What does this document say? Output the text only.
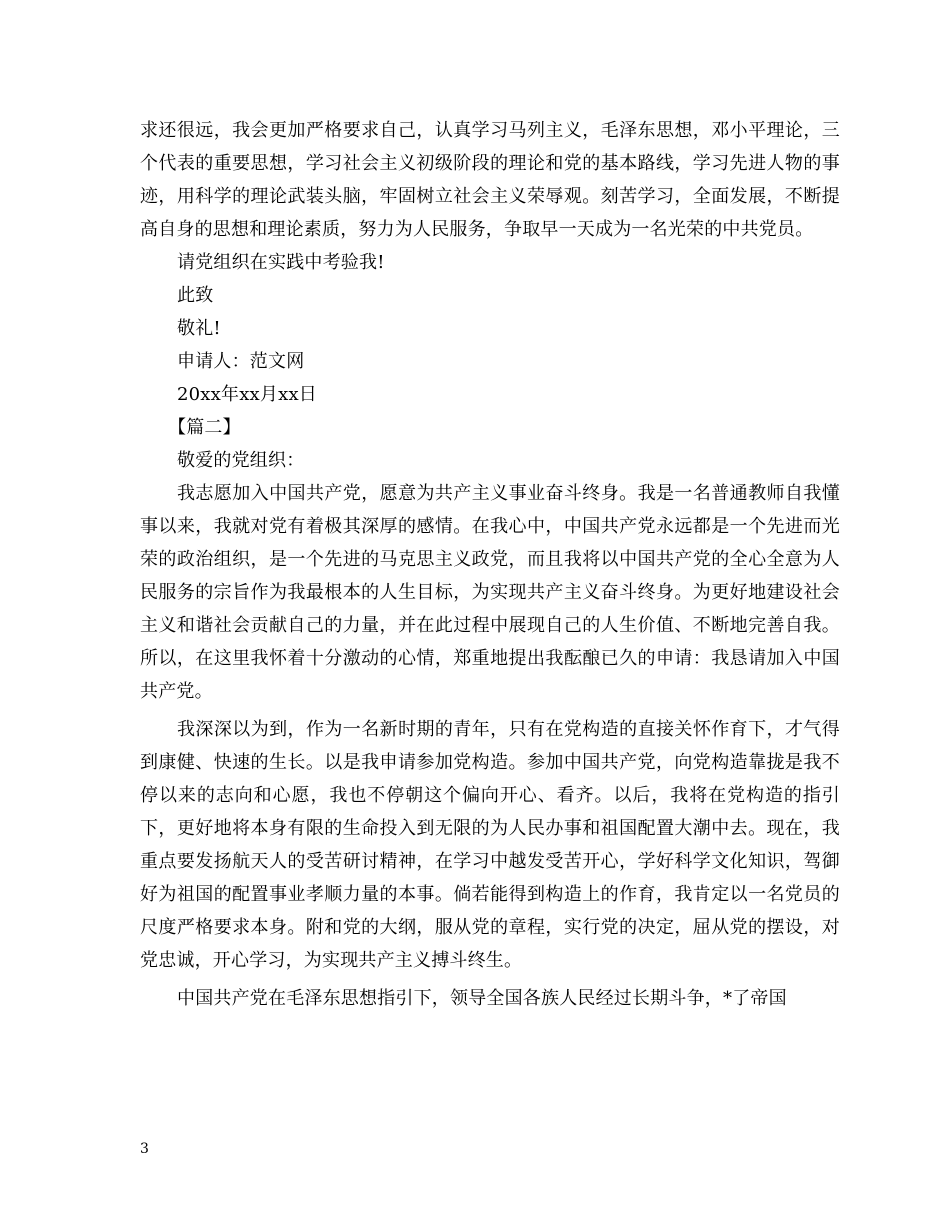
求还很远，我会更加严格要求自己，认真学习马列主义，毛泽东思想，邓小平理论，三个代表的重要思想，学习社会主义初级阶段的理论和党的基本路线，学习先进人物的事迹，用科学的理论武装头脑，牢固树立社会主义荣辱观。刻苦学习，全面发展，不断提高自身的思想和理论素质，努力为人民服务，争取早一天成为一名光荣的中共党员。

请党组织在实践中考验我!

此致

敬礼!

申请人：范文网

20xx年xx月xx日

【篇二】

敬爱的党组织：

我志愿加入中国共产党，愿意为共产主义事业奋斗终身。我是一名普通教师自我懂事以来，我就对党有着极其深厚的感情。在我心中，中国共产党永远都是一个先进而光荣的政治组织，是一个先进的马克思主义政党，而且我将以中国共产党的全心全意为人民服务的宗旨作为我最根本的人生目标，为实现共产主义奋斗终身。为更好地建设社会主义和谐社会贡献自己的力量，并在此过程中展现自己的人生价值、不断地完善自我。所以，在这里我怀着十分激动的心情，郑重地提出我酝酿已久的申请：我恳请加入中国共产党。

我深深以为到，作为一名新时期的青年，只有在党构造的直接关怀作育下，才气得到康健、快速的生长。以是我申请参加党构造。参加中国共产党，向党构造靠拢是我不停以来的志向和心愿，我也不停朝这个偏向开心、看齐。以后，我将在党构造的指引下，更好地将本身有限的生命投入到无限的为人民办事和祖国配置大潮中去。现在，我重点要发扬航天人的受苦研讨精神，在学习中越发受苦开心，学好科学文化知识，驾御好为祖国的配置事业孝顺力量的本事。倘若能得到构造上的作育，我肯定以一名党员的尺度严格要求本身。附和党的大纲，服从党的章程，实行党的决定，屈从党的摆设，对党忠诚，开心学习，为实现共产主义搏斗终生。

中国共产党在毛泽东思想指引下，领导全国各族人民经过长期斗争，*了帝国

3
